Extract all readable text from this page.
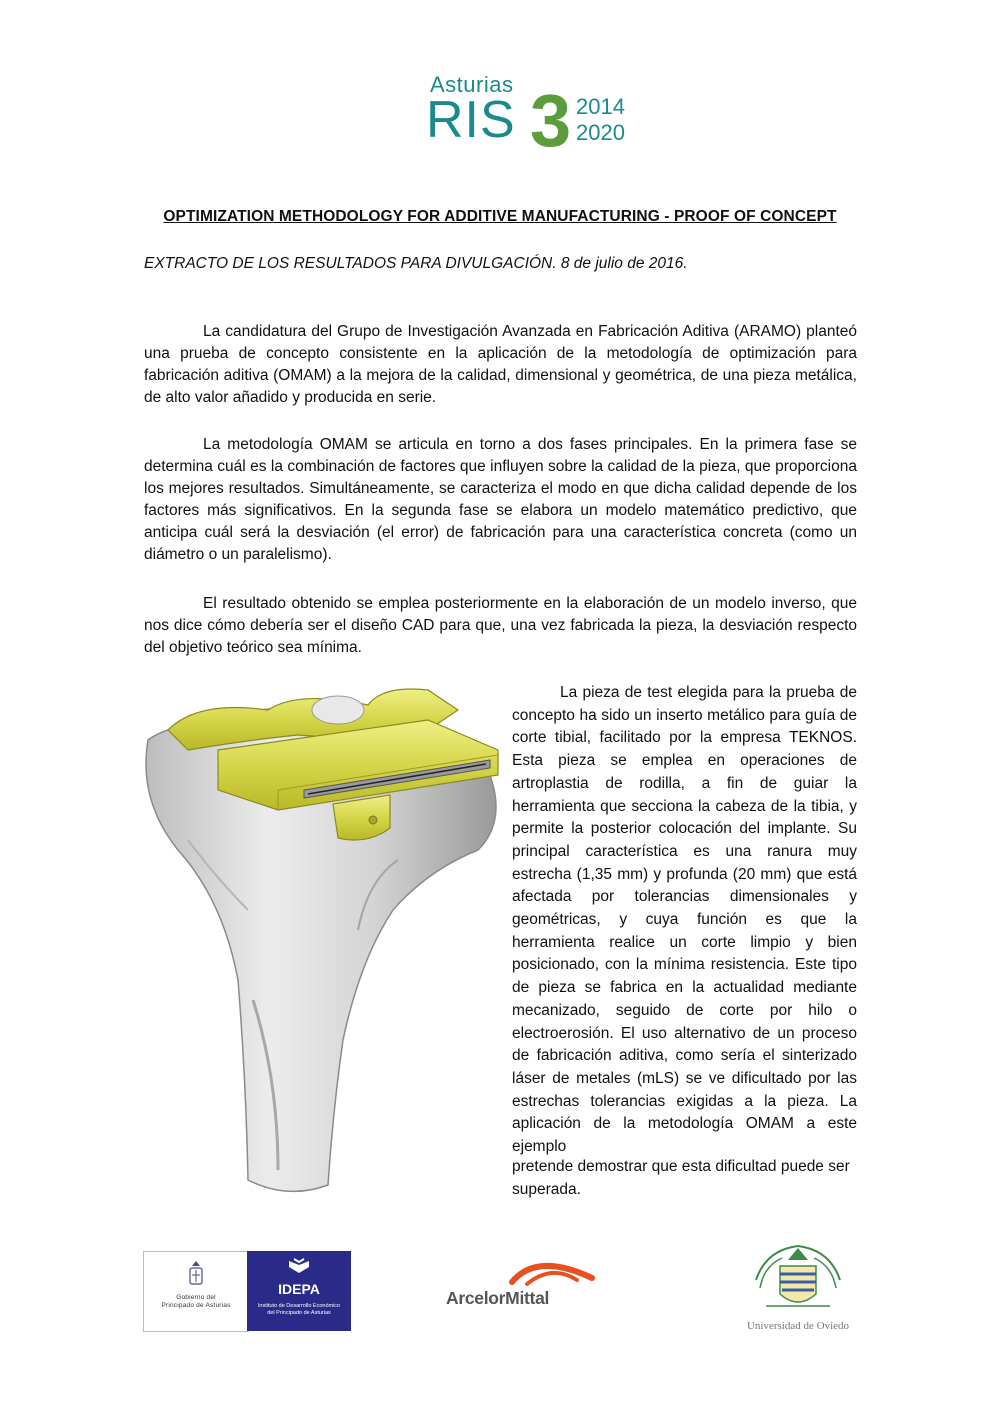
Asturias
RIS 3 2014
2020
OPTIMIZATION METHODOLOGY FOR ADDITIVE MANUFACTURING - PROOF OF CONCEPT
EXTRACTO DE LOS RESULTADOS PARA DIVULGACIÓN. 8 de julio de 2016.

La candidatura del Grupo de Investigación Avanzada en Fabricación Aditiva (ARAMO) planteó una prueba de concepto consistente en la aplicación de la metodología de optimización para fabricación aditiva (OMAM) a la mejora de la calidad, dimensional y geométrica, de una pieza metálica, de alto valor añadido y producida en serie.

La metodología OMAM se articula en torno a dos fases principales. En la primera fase se determina cuál es la combinación de factores que influyen sobre la calidad de la pieza, que proporciona los mejores resultados. Simultáneamente, se caracteriza el modo en que dicha calidad depende de los factores más significativos. En la segunda fase se elabora un modelo matemático predictivo, que anticipa cuál será la desviación (el error) de fabricación para una característica concreta (como un diámetro o un paralelismo).

El resultado obtenido se emplea posteriormente en la elaboración de un modelo inverso, que nos dice cómo debería ser el diseño CAD para que, una vez fabricada la pieza, la desviación respecto del objetivo teórico sea mínima.

La pieza de test elegida para la prueba de concepto ha sido un inserto metálico para guía de corte tibial, facilitado por la empresa TEKNOS. Esta pieza se emplea en operaciones de artroplastia de rodilla, a fin de guiar la herramienta que secciona la cabeza de la tibia, y permite la posterior colocación del implante. Su principal característica es una ranura muy estrecha (1,35 mm) y profunda (20 mm) que está afectada por tolerancias dimensionales y geométricas, y cuya función es que la herramienta realice un corte limpio y bien posicionado, con la mínima resistencia. Este tipo de pieza se fabrica en la actualidad mediante mecanizado, seguido de corte por hilo o electroerosión. El uso alternativo de un proceso de fabricación aditiva, como sería el sinterizado láser de metales (mLS) se ve dificultado por las estrechas tolerancias exigidas a la pieza. La aplicación de la metodología OMAM a este ejemplo

pretende demostrar que esta dificultad puede ser superada.

Gobierno del
Principado de Asturias
IDEPA
Instituto de Desarrollo Económico
del Principado de Asturias
ArcelorMittal
Universidad de Oviedo
